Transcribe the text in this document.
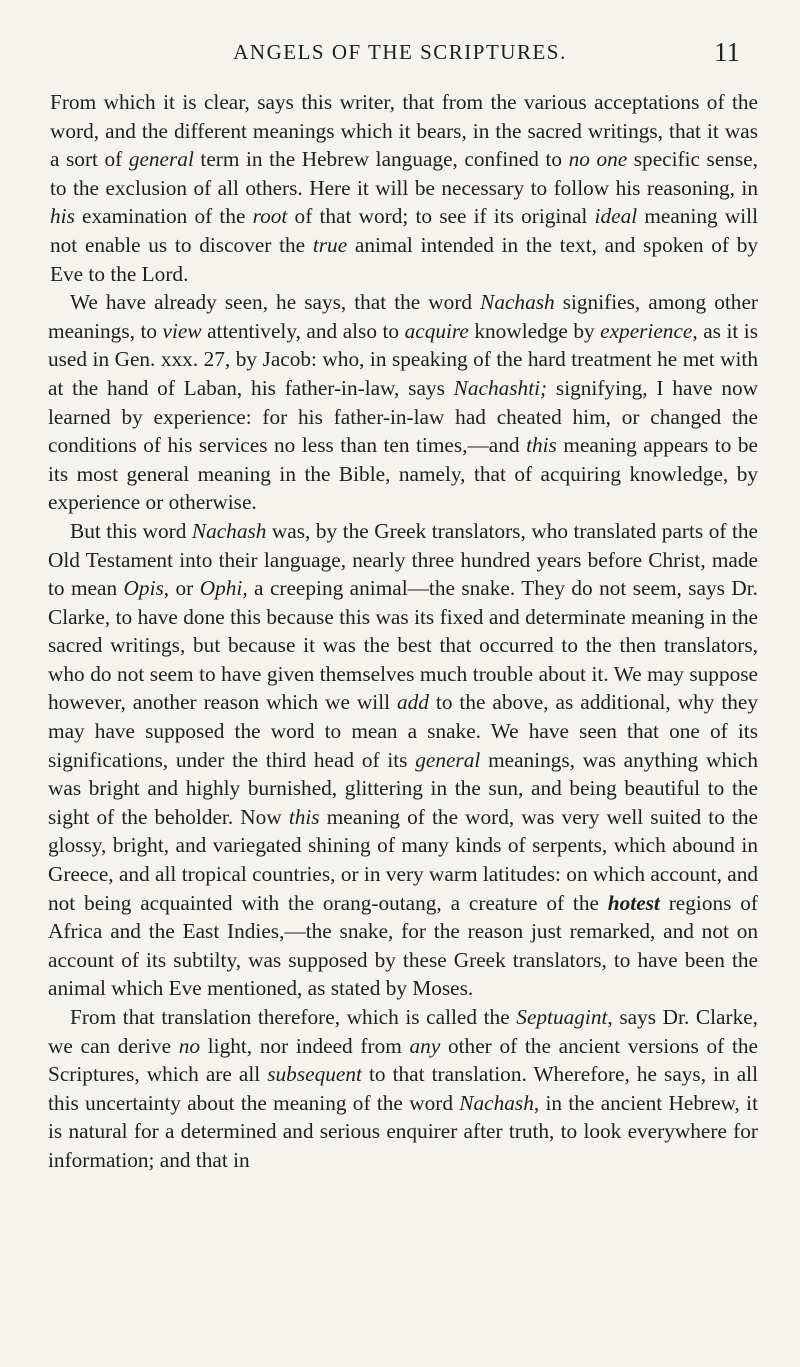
ANGELS OF THE SCRIPTURES.	11

From which it is clear, says this writer, that from the various acceptations of the word, and the different meanings which it bears, in the sacred writings, that it was a sort of general term in the Hebrew language, confined to no one specific sense, to the exclusion of all others. Here it will be necessary to follow his reasoning, in his examination of the root of that word; to see if its original ideal meaning will not enable us to discover the true animal intended in the text, and spoken of by Eve to the Lord.

We have already seen, he says, that the word Nachash signifies, among other meanings, to view attentively, and also to acquire knowledge by experience, as it is used in Gen. xxx. 27, by Jacob: who, in speaking of the hard treatment he met with at the hand of Laban, his father-in-law, says Nachashti; signifying, I have now learned by experience: for his father-in-law had cheated him, or changed the conditions of his services no less than ten times,—and this meaning appears to be its most general meaning in the Bible, namely, that of acquiring knowledge, by experience or otherwise.

But this word Nachash was, by the Greek translators, who translated parts of the Old Testament into their language, nearly three hundred years before Christ, made to mean Opis, or Ophi, a creeping animal—the snake. They do not seem, says Dr. Clarke, to have done this because this was its fixed and determinate meaning in the sacred writings, but because it was the best that occurred to the then translators, who do not seem to have given themselves much trouble about it. We may suppose however, another reason which we will add to the above, as additional, why they may have supposed the word to mean a snake. We have seen that one of its significations, under the third head of its general meanings, was anything which was bright and highly burnished, glittering in the sun, and being beautiful to the sight of the beholder. Now this meaning of the word, was very well suited to the glossy, bright, and variegated shining of many kinds of serpents, which abound in Greece, and all tropical countries, or in very warm latitudes: on which account, and not being acquainted with the orang-outang, a creature of the hotest regions of Africa and the East Indies,—the snake, for the reason just remarked, and not on account of its subtilty, was supposed by these Greek translators, to have been the animal which Eve mentioned, as stated by Moses.

From that translation therefore, which is called the Septuagint, says Dr. Clarke, we can derive no light, nor indeed from any other of the ancient versions of the Scriptures, which are all subsequent to that translation. Wherefore, he says, in all this uncertainty about the meaning of the word Nachash, in the ancient Hebrew, it is natural for a determined and serious enquirer after truth, to look everywhere for information; and that in
